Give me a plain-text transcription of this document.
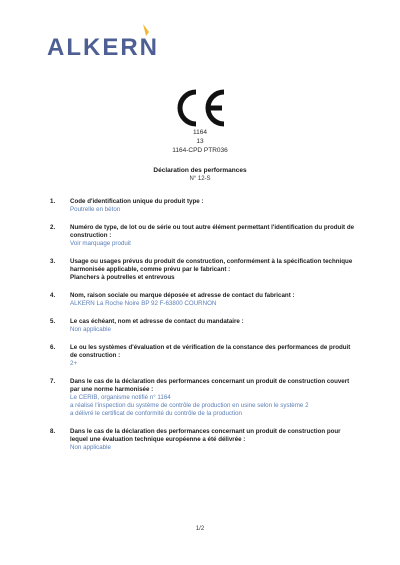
ALKERN
1164
13
1164-CPD PTR036
Déclaration des performances
N° 12-S
1. Code d'identification unique du produit type :
Poutrelle en béton
2. Numéro de type, de lot ou de série ou tout autre élément permettant l'identification du produit de construction :
Voir marquage produit
3. Usage ou usages prévus du produit de construction, conformément à la spécification technique harmonisée applicable, comme prévu par le fabricant :
Planchers à poutrelles et entrevous
4. Nom, raison sociale ou marque déposée et adresse de contact du fabricant :
ALKERN La Roche Noire BP 92 F-63800 COURNON
5. Le cas échéant, nom et adresse de contact du mandataire :
Non applicable
6. Le ou les systèmes d'évaluation et de vérification de la constance des performances de produit de construction :
2+
7. Dans le cas de la déclaration des performances concernant un produit de construction couvert par une norme harmonisée :
Le CERIB, organisme notifié n° 1164
a réalisé l'inspection du système de contrôle de production en usine selon le système 2
a délivré le certificat de conformité du contrôle de la production
8. Dans le cas de la déclaration des performances concernant un produit de construction pour lequel une évaluation technique européenne a été délivrée :
Non applicable
1/2
